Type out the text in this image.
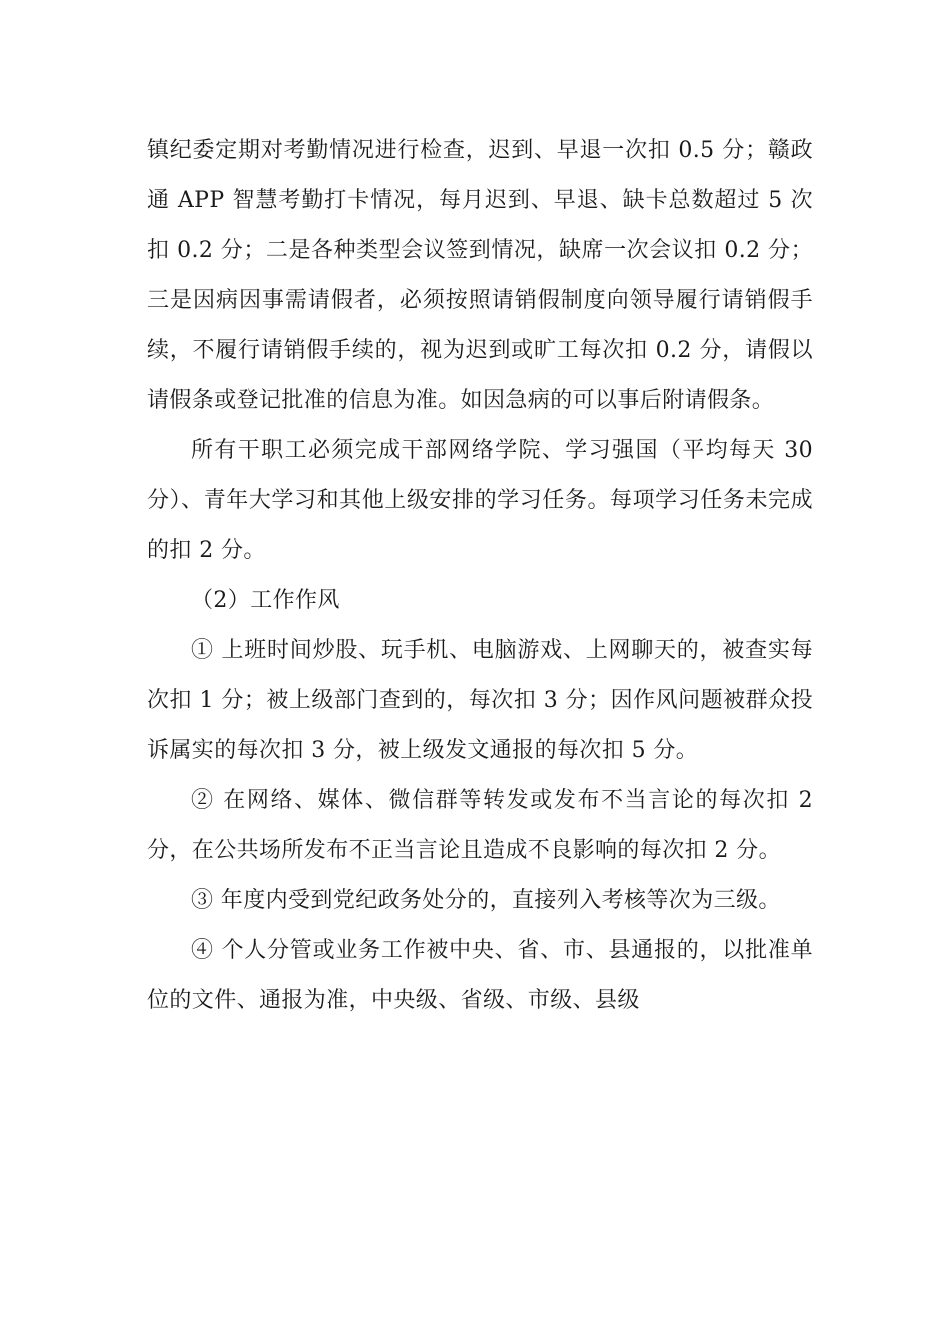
镇纪委定期对考勤情况进行检查，迟到、早退一次扣 0.5 分；赣政通 APP 智慧考勤打卡情况，每月迟到、早退、缺卡总数超过 5 次扣 0.2 分；二是各种类型会议签到情况，缺席一次会议扣 0.2 分；三是因病因事需请假者，必须按照请销假制度向领导履行请销假手续，不履行请销假手续的，视为迟到或旷工每次扣 0.2 分，请假以请假条或登记批准的信息为准。如因急病的可以事后附请假条。

所有干职工必须完成干部网络学院、学习强国（平均每天 30 分）、青年大学习和其他上级安排的学习任务。每项学习任务未完成的扣 2 分。

（2）工作作风

① 上班时间炒股、玩手机、电脑游戏、上网聊天的，被查实每次扣 1 分；被上级部门查到的，每次扣 3 分；因作风问题被群众投诉属实的每次扣 3 分，被上级发文通报的每次扣 5 分。

② 在网络、媒体、微信群等转发或发布不当言论的每次扣 2 分，在公共场所发布不正当言论且造成不良影响的每次扣 2 分。

③ 年度内受到党纪政务处分的，直接列入考核等次为三级。

④ 个人分管或业务工作被中央、省、市、县通报的，以批准单位的文件、通报为准，中央级、省级、市级、县级
